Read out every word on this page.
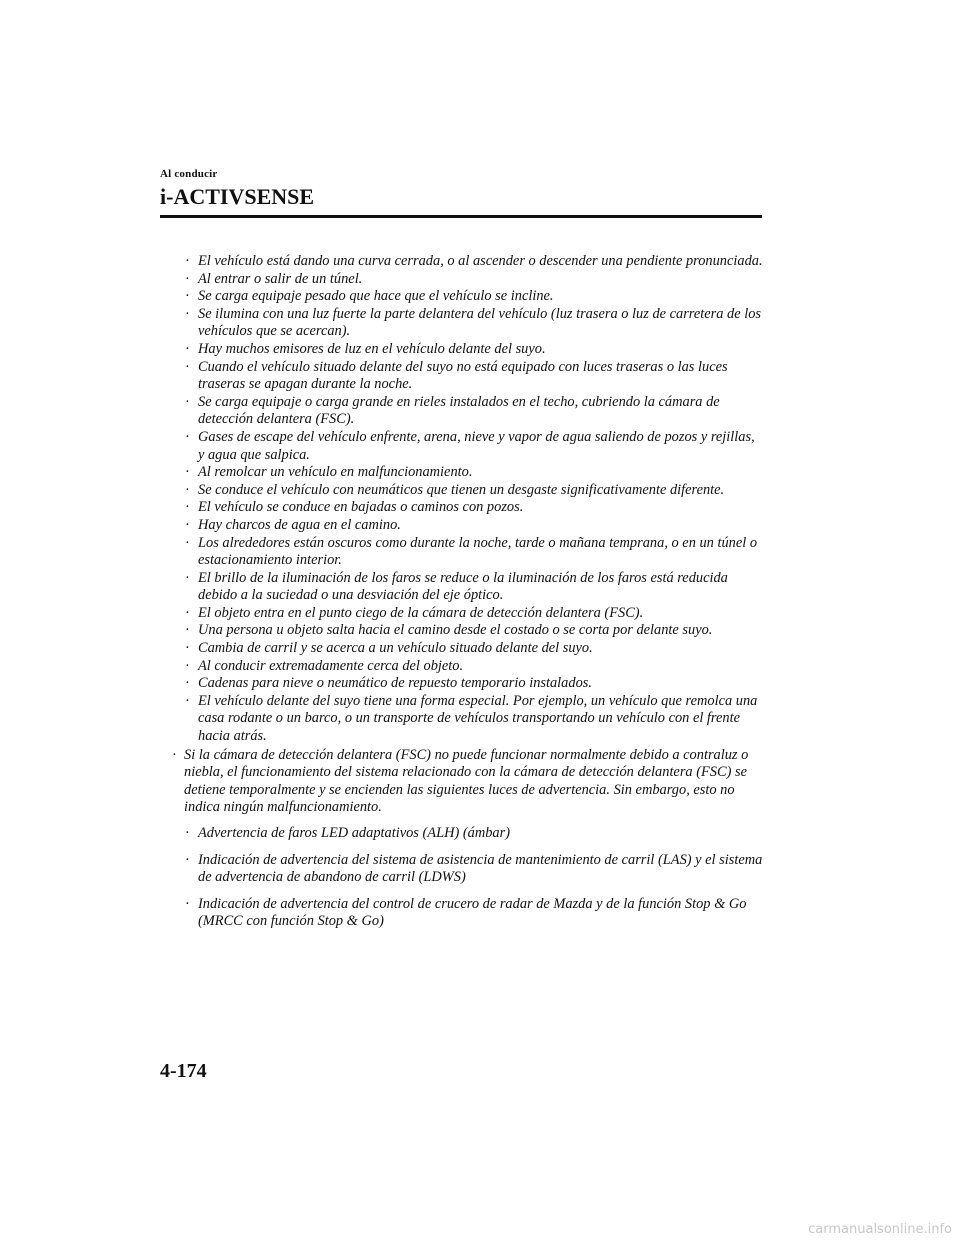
Al conducir
i-ACTIVSENSE
· El vehículo está dando una curva cerrada, o al ascender o descender una pendiente pronunciada.
· Al entrar o salir de un túnel.
· Se carga equipaje pesado que hace que el vehículo se incline.
· Se ilumina con una luz fuerte la parte delantera del vehículo (luz trasera o luz de carretera de los vehículos que se acercan).
· Hay muchos emisores de luz en el vehículo delante del suyo.
· Cuando el vehículo situado delante del suyo no está equipado con luces traseras o las luces traseras se apagan durante la noche.
· Se carga equipaje o carga grande en rieles instalados en el techo, cubriendo la cámara de detección delantera (FSC).
· Gases de escape del vehículo enfrente, arena, nieve y vapor de agua saliendo de pozos y rejillas, y agua que salpica.
· Al remolcar un vehículo en malfuncionamiento.
· Se conduce el vehículo con neumáticos que tienen un desgaste significativamente diferente.
· El vehículo se conduce en bajadas o caminos con pozos.
· Hay charcos de agua en el camino.
· Los alrededores están oscuros como durante la noche, tarde o mañana temprana, o en un túnel o estacionamiento interior.
· El brillo de la iluminación de los faros se reduce o la iluminación de los faros está reducida debido a la suciedad o una desviación del eje óptico.
· El objeto entra en el punto ciego de la cámara de detección delantera (FSC).
· Una persona u objeto salta hacia el camino desde el costado o se corta por delante suyo.
· Cambia de carril y se acerca a un vehículo situado delante del suyo.
· Al conducir extremadamente cerca del objeto.
· Cadenas para nieve o neumático de repuesto temporario instalados.
· El vehículo delante del suyo tiene una forma especial. Por ejemplo, un vehículo que remolca una casa rodante o un barco, o un transporte de vehículos transportando un vehículo con el frente hacia atrás.
· Si la cámara de detección delantera (FSC) no puede funcionar normalmente debido a contraluz o niebla, el funcionamiento del sistema relacionado con la cámara de detección delantera (FSC) se detiene temporalmente y se encienden las siguientes luces de advertencia. Sin embargo, esto no indica ningún malfuncionamiento.
· Advertencia de faros LED adaptativos (ALH) (ámbar)
· Indicación de advertencia del sistema de asistencia de mantenimiento de carril (LAS) y el sistema de advertencia de abandono de carril (LDWS)
· Indicación de advertencia del control de crucero de radar de Mazda y de la función Stop & Go (MRCC con función Stop & Go)
4-174
carmanualsonline.info
